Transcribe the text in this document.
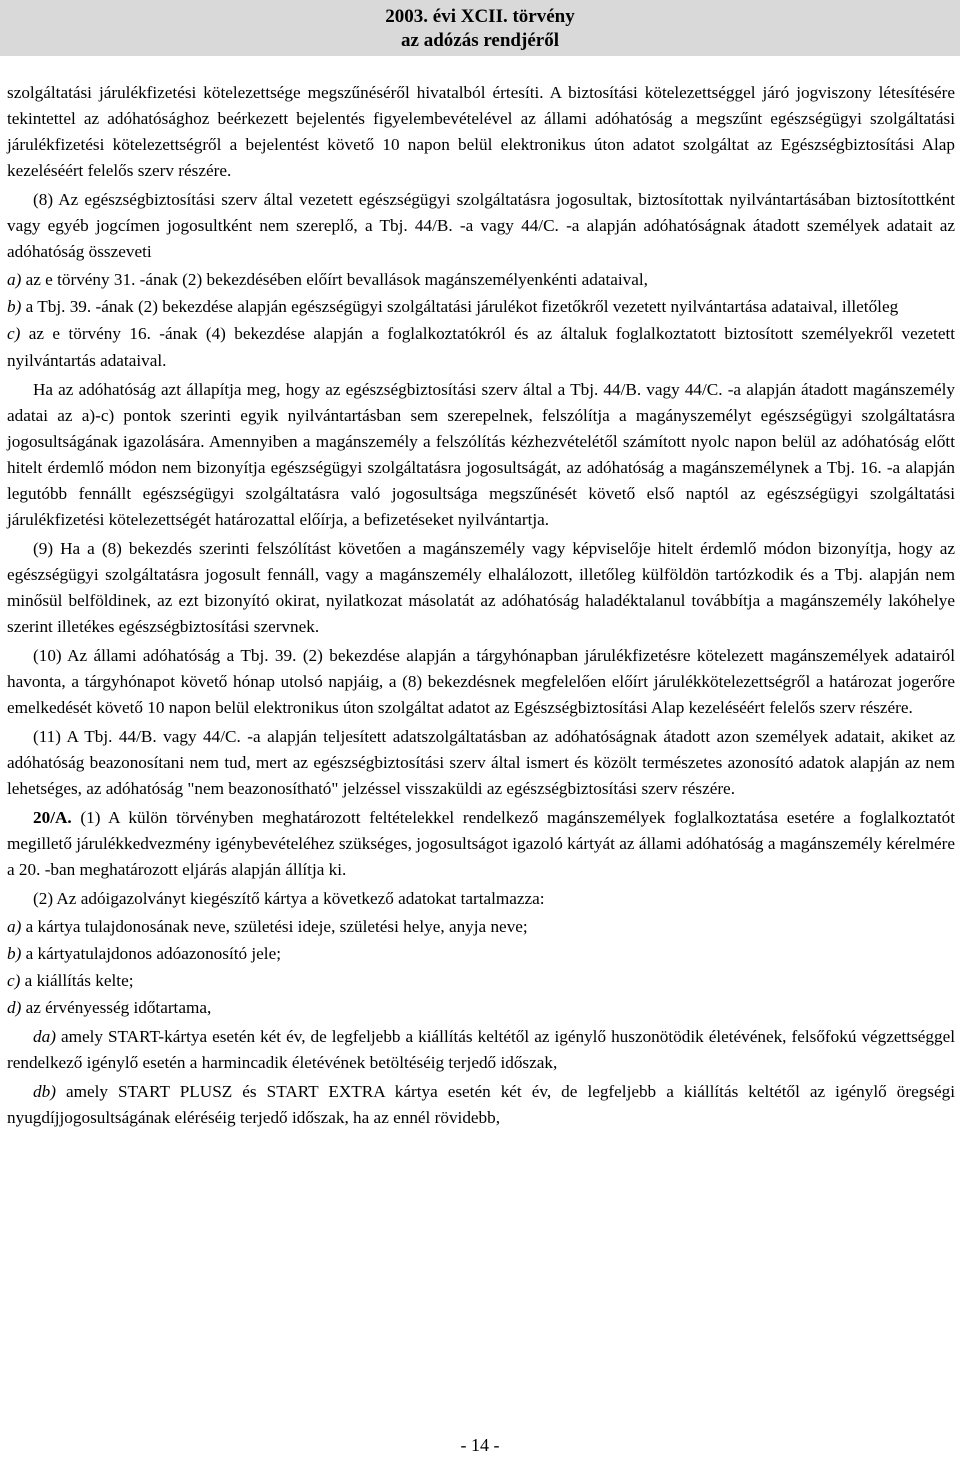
2003. évi XCII. törvény
az adózás rendjéről

szolgáltatási járulékfizetési kötelezettsége megszűnéséről hivatalból értesíti. A biztosítási kötelezettséggel járó jogviszony létesítésére tekintettel az adóhatósághoz beérkezett bejelentés figyelembevételével az állami adóhatóság a megszűnt egészségügyi szolgáltatási járulékfizetési kötelezettségről a bejelentést követő 10 napon belül elektronikus úton adatot szolgáltat az Egészségbiztosítási Alap kezeléséért felelős szerv részére.

(8) Az egészségbiztosítási szerv által vezetett egészségügyi szolgáltatásra jogosultak, biztosítottak nyilvántartásában biztosítottként vagy egyéb jogcímen jogosultként nem szereplő, a Tbj. 44/B. -a vagy 44/C. -a alapján adóhatóságnak átadott személyek adatait az adóhatóság összeveti

a) az e törvény 31. -ának (2) bekezdésében előírt bevallások magánszemélyenkénti adataival,

b) a Tbj. 39. -ának (2) bekezdése alapján egészségügyi szolgáltatási járulékot fizetőkről vezetett nyilvántartása adataival, illetőleg

c) az e törvény 16. -ának (4) bekezdése alapján a foglalkoztatókról és az általuk foglalkoztatott biztosított személyekről vezetett nyilvántartás adataival.

Ha az adóhatóság azt állapítja meg, hogy az egészségbiztosítási szerv által a Tbj. 44/B. vagy 44/C. -a alapján átadott magánszemély adatai az a)-c) pontok szerinti egyik nyilvántartásban sem szerepelnek, felszólítja a magányszemélyt egészségügyi szolgáltatásra jogosultságának igazolására. Amennyiben a magánszemély a felszólítás kézhezvételétől számított nyolc napon belül az adóhatóság előtt hitelt érdemlő módon nem bizonyítja egészségügyi szolgáltatásra jogosultságát, az adóhatóság a magánszemélynek a Tbj. 16. -a alapján legutóbb fennállt egészségügyi szolgáltatásra való jogosultsága megszűnését követő első naptól az egészségügyi szolgáltatási járulékfizetési kötelezettségét határozattal előírja, a befizetéseket nyilvántartja.

(9) Ha a (8) bekezdés szerinti felszólítást követően a magánszemély vagy képviselője hitelt érdemlő módon bizonyítja, hogy az egészségügyi szolgáltatásra jogosult fennáll, vagy a magánszemély elhalálozott, illetőleg külföldön tartózkodik és a Tbj. alapján nem minősül belföldinek, az ezt bizonyító okirat, nyilatkozat másolatát az adóhatóság haladéktalanul továbbítja a magánszemély lakóhelye szerint illetékes egészségbiztosítási szervnek.

(10) Az állami adóhatóság a Tbj. 39. (2) bekezdése alapján a tárgyhónapban járulékfizetésre kötelezett magánszemélyek adatairól havonta, a tárgyhónapot követő hónap utolsó napjáig, a (8) bekezdésnek megfelelően előírt járulékkötelezettségről a határozat jogerőre emelkedését követő 10 napon belül elektronikus úton szolgáltat adatot az Egészségbiztosítási Alap kezeléséért felelős szerv részére.

(11) A Tbj. 44/B. vagy 44/C. -a alapján teljesített adatszolgáltatásban az adóhatóságnak átadott azon személyek adatait, akiket az adóhatóság beazonosítani nem tud, mert az egészségbiztosítási szerv által ismert és közölt természetes azonosító adatok alapján az nem lehetséges, az adóhatóság "nem beazonosítható" jelzéssel visszaküldi az egészségbiztosítási szerv részére.

20/A. (1) A külön törvényben meghatározott feltételekkel rendelkező magánszemélyek foglalkoztatása esetére a foglalkoztatót megillető járulékkedvezmény igénybevételéhez szükséges, jogosultságot igazoló kártyát az állami adóhatóság a magánszemély kérelmére a 20. -ban meghatározott eljárás alapján állítja ki.

(2) Az adóigazolványt kiegészítő kártya a következő adatokat tartalmazza:

a) a kártya tulajdonosának neve, születési ideje, születési helye, anyja neve;

b) a kártyatulajdonos adóazonosító jele;

c) a kiállítás kelte;

d) az érvényesség időtartama,

da) amely START-kártya esetén két év, de legfeljebb a kiállítás keltétől az igénylő huszonötödik életévének, felsőfokú végzettséggel rendelkező igénylő esetén a harmincadik életévének betöltéséig terjedő időszak,

db) amely START PLUSZ és START EXTRA kártya esetén két év, de legfeljebb a kiállítás keltétől az igénylő öregségi nyugdíjjogosultságának eléréséig terjedő időszak, ha az ennél rövidebb,

- 14 -
